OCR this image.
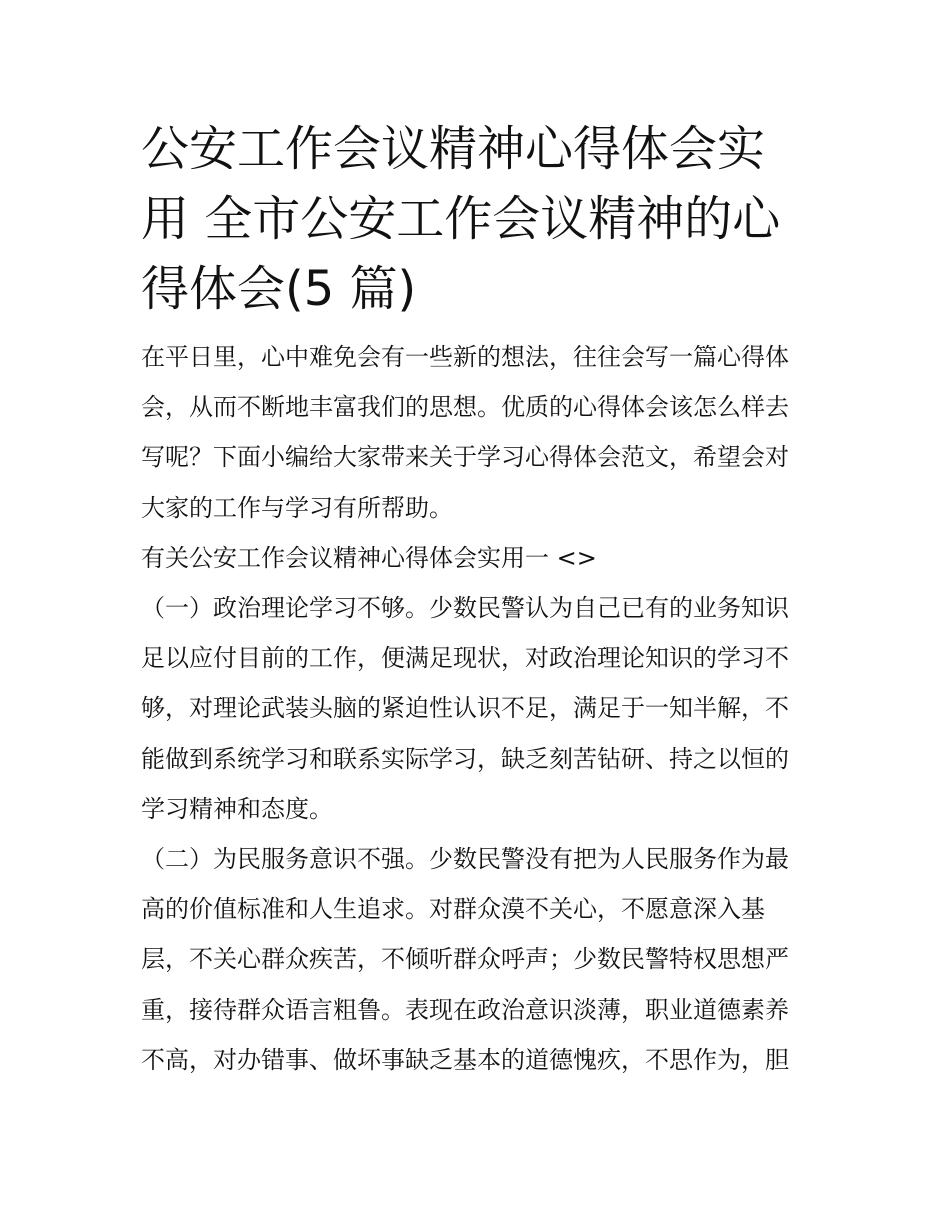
公安工作会议精神心得体会实
用 全市公安工作会议精神的心
得体会(5 篇)

在平日里，心中难免会有一些新的想法，往往会写一篇心得体
会，从而不断地丰富我们的思想。优质的心得体会该怎么样去
写呢？下面小编给大家带来关于学习心得体会范文，希望会对
大家的工作与学习有所帮助。

有关公安工作会议精神心得体会实用一 <>

（一）政治理论学习不够。少数民警认为自己已有的业务知识
足以应付目前的工作，便满足现状，对政治理论知识的学习不
够，对理论武装头脑的紧迫性认识不足，满足于一知半解，不
能做到系统学习和联系实际学习，缺乏刻苦钻研、持之以恒的
学习精神和态度。

（二）为民服务意识不强。少数民警没有把为人民服务作为最
高的价值标准和人生追求。对群众漠不关心，不愿意深入基
层，不关心群众疾苦，不倾听群众呼声；少数民警特权思想严
重，接待群众语言粗鲁。表现在政治意识淡薄，职业道德素养
不高，对办错事、做坏事缺乏基本的道德愧疚，不思作为，胆
